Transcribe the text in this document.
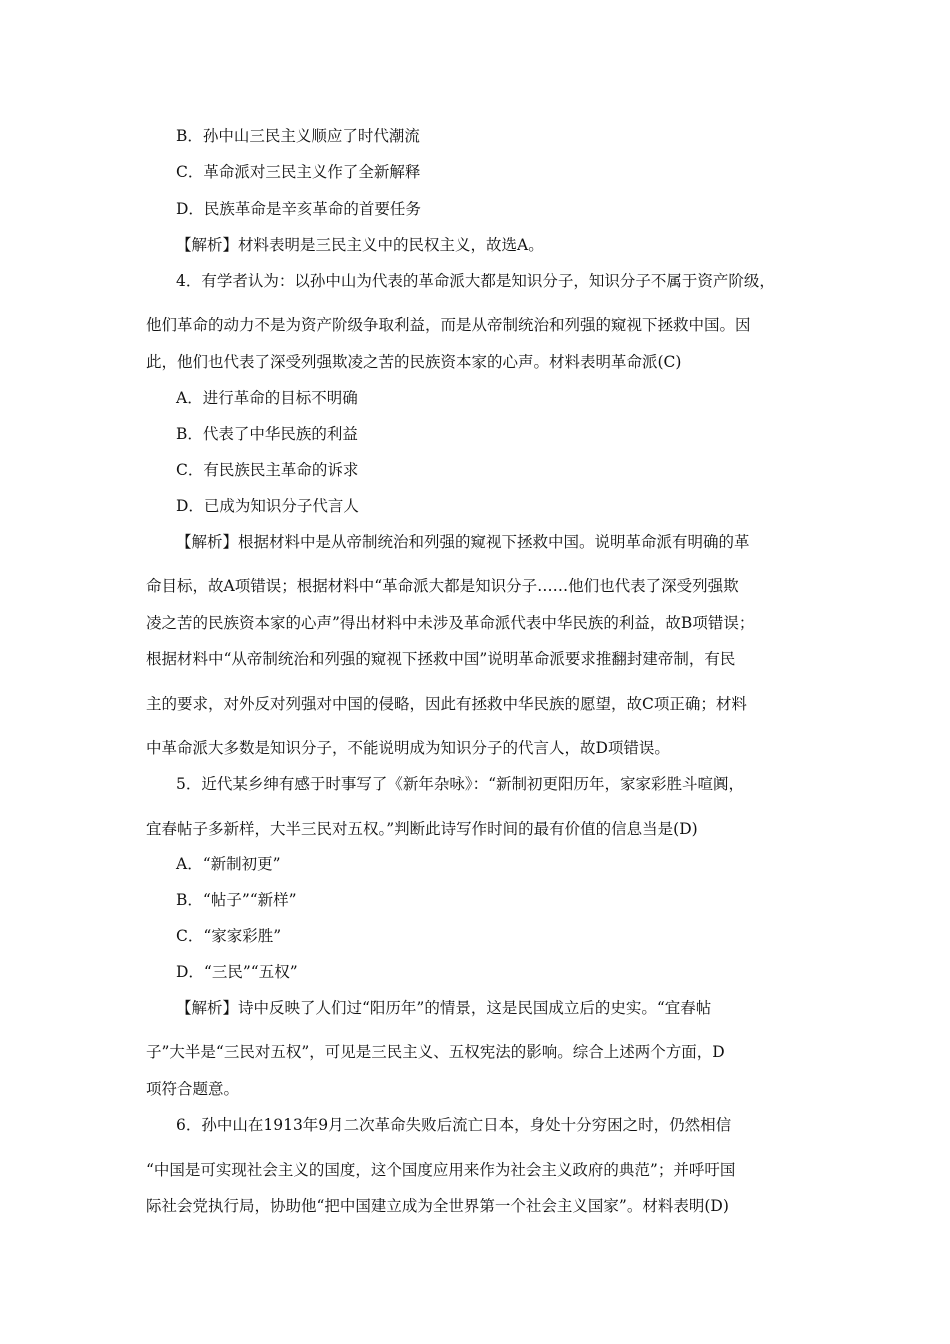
B．孙中山三民主义顺应了时代潮流
C．革命派对三民主义作了全新解释
D．民族革命是辛亥革命的首要任务
【解析】材料表明是三民主义中的民权主义，故选A。
4．有学者认为：以孙中山为代表的革命派大都是知识分子，知识分子不属于资产阶级，
他们革命的动力不是为资产阶级争取利益，而是从帝制统治和列强的窥视下拯救中国。因
此，他们也代表了深受列强欺凌之苦的民族资本家的心声。材料表明革命派(C)
A．进行革命的目标不明确
B．代表了中华民族的利益
C．有民族民主革命的诉求
D．已成为知识分子代言人
【解析】根据材料中是从帝制统治和列强的窥视下拯救中国。说明革命派有明确的革
命目标，故A项错误；根据材料中“革命派大都是知识分子……他们也代表了深受列强欺
凌之苦的民族资本家的心声”得出材料中未涉及革命派代表中华民族的利益，故B项错误；
根据材料中“从帝制统治和列强的窥视下拯救中国”说明革命派要求推翻封建帝制，有民
主的要求，对外反对列强对中国的侵略，因此有拯救中华民族的愿望，故C项正确；材料
中革命派大多数是知识分子，不能说明成为知识分子的代言人，故D项错误。
5．近代某乡绅有感于时事写了《新年杂咏》：“新制初更阳历年，家家彩胜斗喧阗，
宜春帖子多新样，大半三民对五权。”判断此诗写作时间的最有价值的信息当是(D)
A．“新制初更”
B．“帖子”“新样”
C．“家家彩胜”
D．“三民”“五权”
【解析】诗中反映了人们过“阳历年”的情景，这是民国成立后的史实。“宜春帖
子”大半是“三民对五权”，可见是三民主义、五权宪法的影响。综合上述两个方面，D
项符合题意。
6．孙中山在1913年9月二次革命失败后流亡日本，身处十分穷困之时，仍然相信
“中国是可实现社会主义的国度，这个国度应用来作为社会主义政府的典范”；并呼吁国
际社会党执行局，协助他“把中国建立成为全世界第一个社会主义国家”。材料表明(D)
